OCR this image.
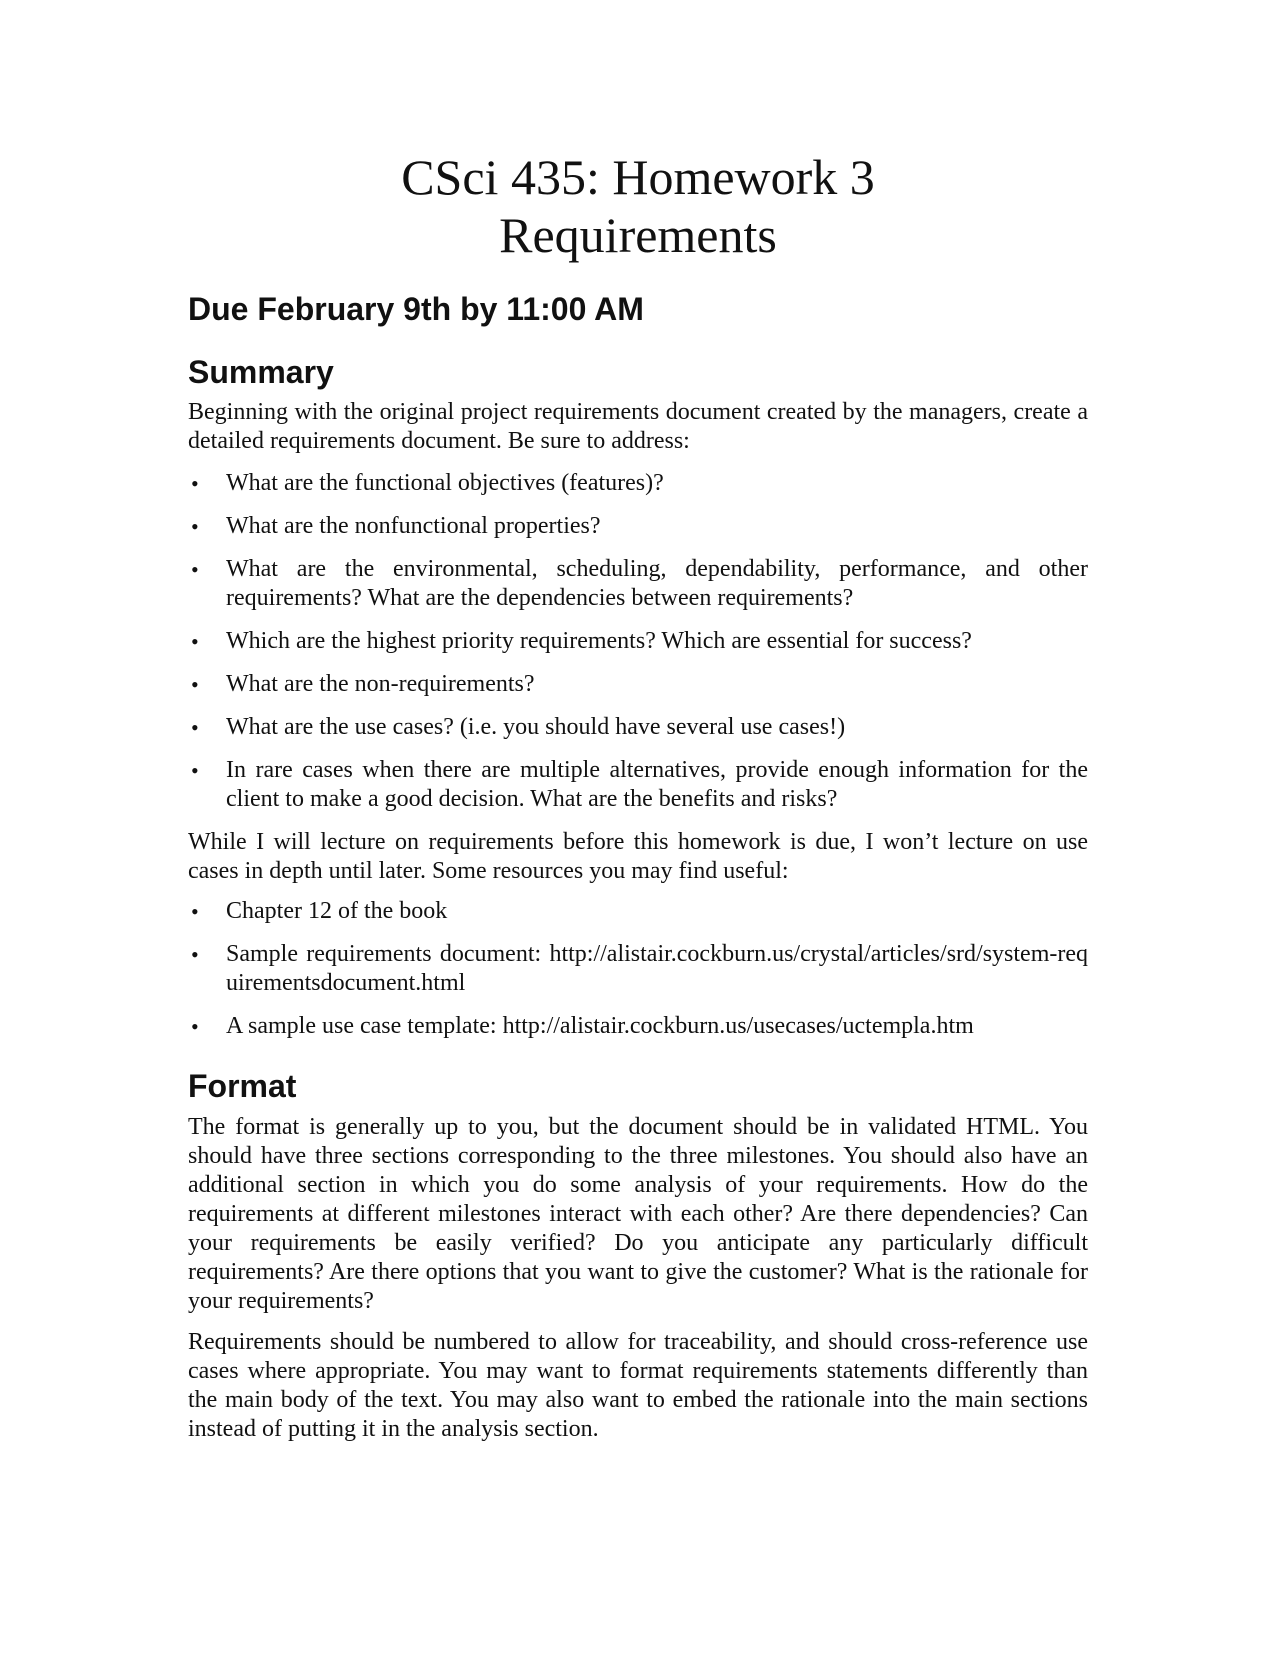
CSci 435: Homework 3
Requirements
Due February 9th by 11:00 AM
Summary

Beginning with the original project requirements document created by the managers, create a detailed requirements document. Be sure to address:

• What are the functional objectives (features)?
• What are the nonfunctional properties?
• What are the environmental, scheduling, dependability, performance, and other requirements? What are the dependencies between requirements?
• Which are the highest priority requirements? Which are essential for success?
• What are the non-requirements?
• What are the use cases? (i.e. you should have several use cases!)
• In rare cases when there are multiple alternatives, provide enough information for the client to make a good decision. What are the benefits and risks?

While I will lecture on requirements before this homework is due, I won’t lecture on use cases in depth until later. Some resources you may find useful:

• Chapter 12 of the book
• Sample requirements document: http://alistair.cockburn.us/crystal/articles/srd/system-requirementsdocument.html
• A sample use case template: http://alistair.cockburn.us/usecases/uctempla.htm
Format

The format is generally up to you, but the document should be in validated HTML. You should have three sections corresponding to the three milestones. You should also have an additional section in which you do some analysis of your requirements. How do the requirements at different milestones interact with each other? Are there dependencies? Can your requirements be easily verified? Do you anticipate any particularly difficult requirements? Are there options that you want to give the customer? What is the rationale for your requirements?

Requirements should be numbered to allow for traceability, and should cross-reference use cases where appropriate. You may want to format requirements statements differently than the main body of the text. You may also want to embed the rationale into the main sections instead of putting it in the analysis section.
